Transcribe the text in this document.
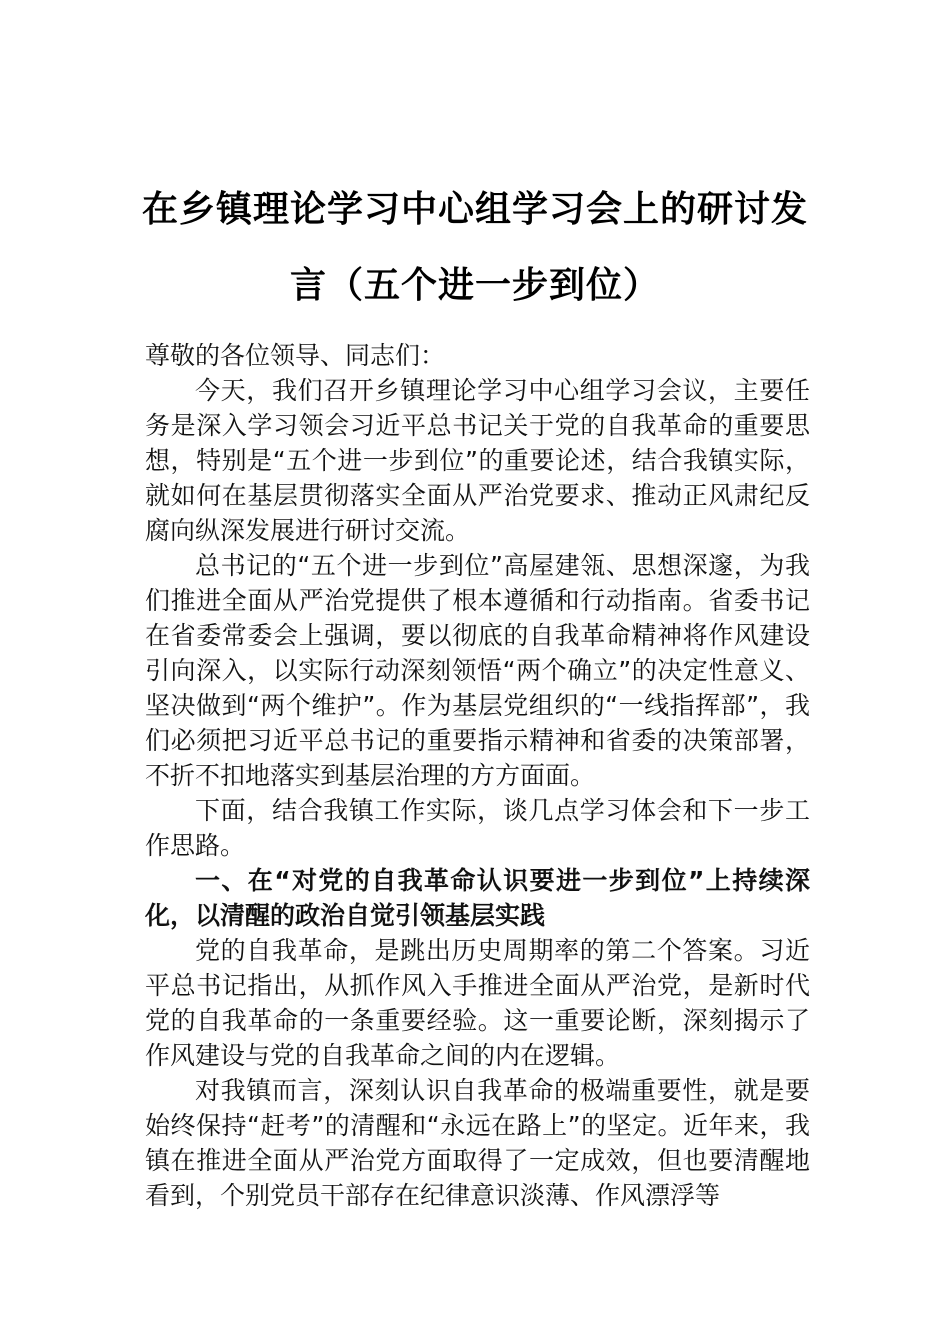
在乡镇理论学习中心组学习会上的研讨发
言（五个进一步到位）

尊敬的各位领导、同志们：

今天，我们召开乡镇理论学习中心组学习会议，主要任务是深入学习领会习近平总书记关于党的自我革命的重要思想，特别是“五个进一步到位”的重要论述，结合我镇实际，就如何在基层贯彻落实全面从严治党要求、推动正风肃纪反腐向纵深发展进行研讨交流。

总书记的“五个进一步到位”高屋建瓴、思想深邃，为我们推进全面从严治党提供了根本遵循和行动指南。省委书记在省委常委会上强调，要以彻底的自我革命精神将作风建设引向深入，以实际行动深刻领悟“两个确立”的决定性意义、坚决做到“两个维护”。作为基层党组织的“一线指挥部”，我们必须把习近平总书记的重要指示精神和省委的决策部署，不折不扣地落实到基层治理的方方面面。

下面，结合我镇工作实际，谈几点学习体会和下一步工作思路。

一、在“对党的自我革命认识要进一步到位”上持续深化，以清醒的政治自觉引领基层实践

党的自我革命，是跳出历史周期率的第二个答案。习近平总书记指出，从抓作风入手推进全面从严治党，是新时代党的自我革命的一条重要经验。这一重要论断，深刻揭示了作风建设与党的自我革命之间的内在逻辑。

对我镇而言，深刻认识自我革命的极端重要性，就是要始终保持“赶考”的清醒和“永远在路上”的坚定。近年来，我镇在推进全面从严治党方面取得了一定成效，但也要清醒地看到，个别党员干部存在纪律意识淡薄、作风漂浮等
